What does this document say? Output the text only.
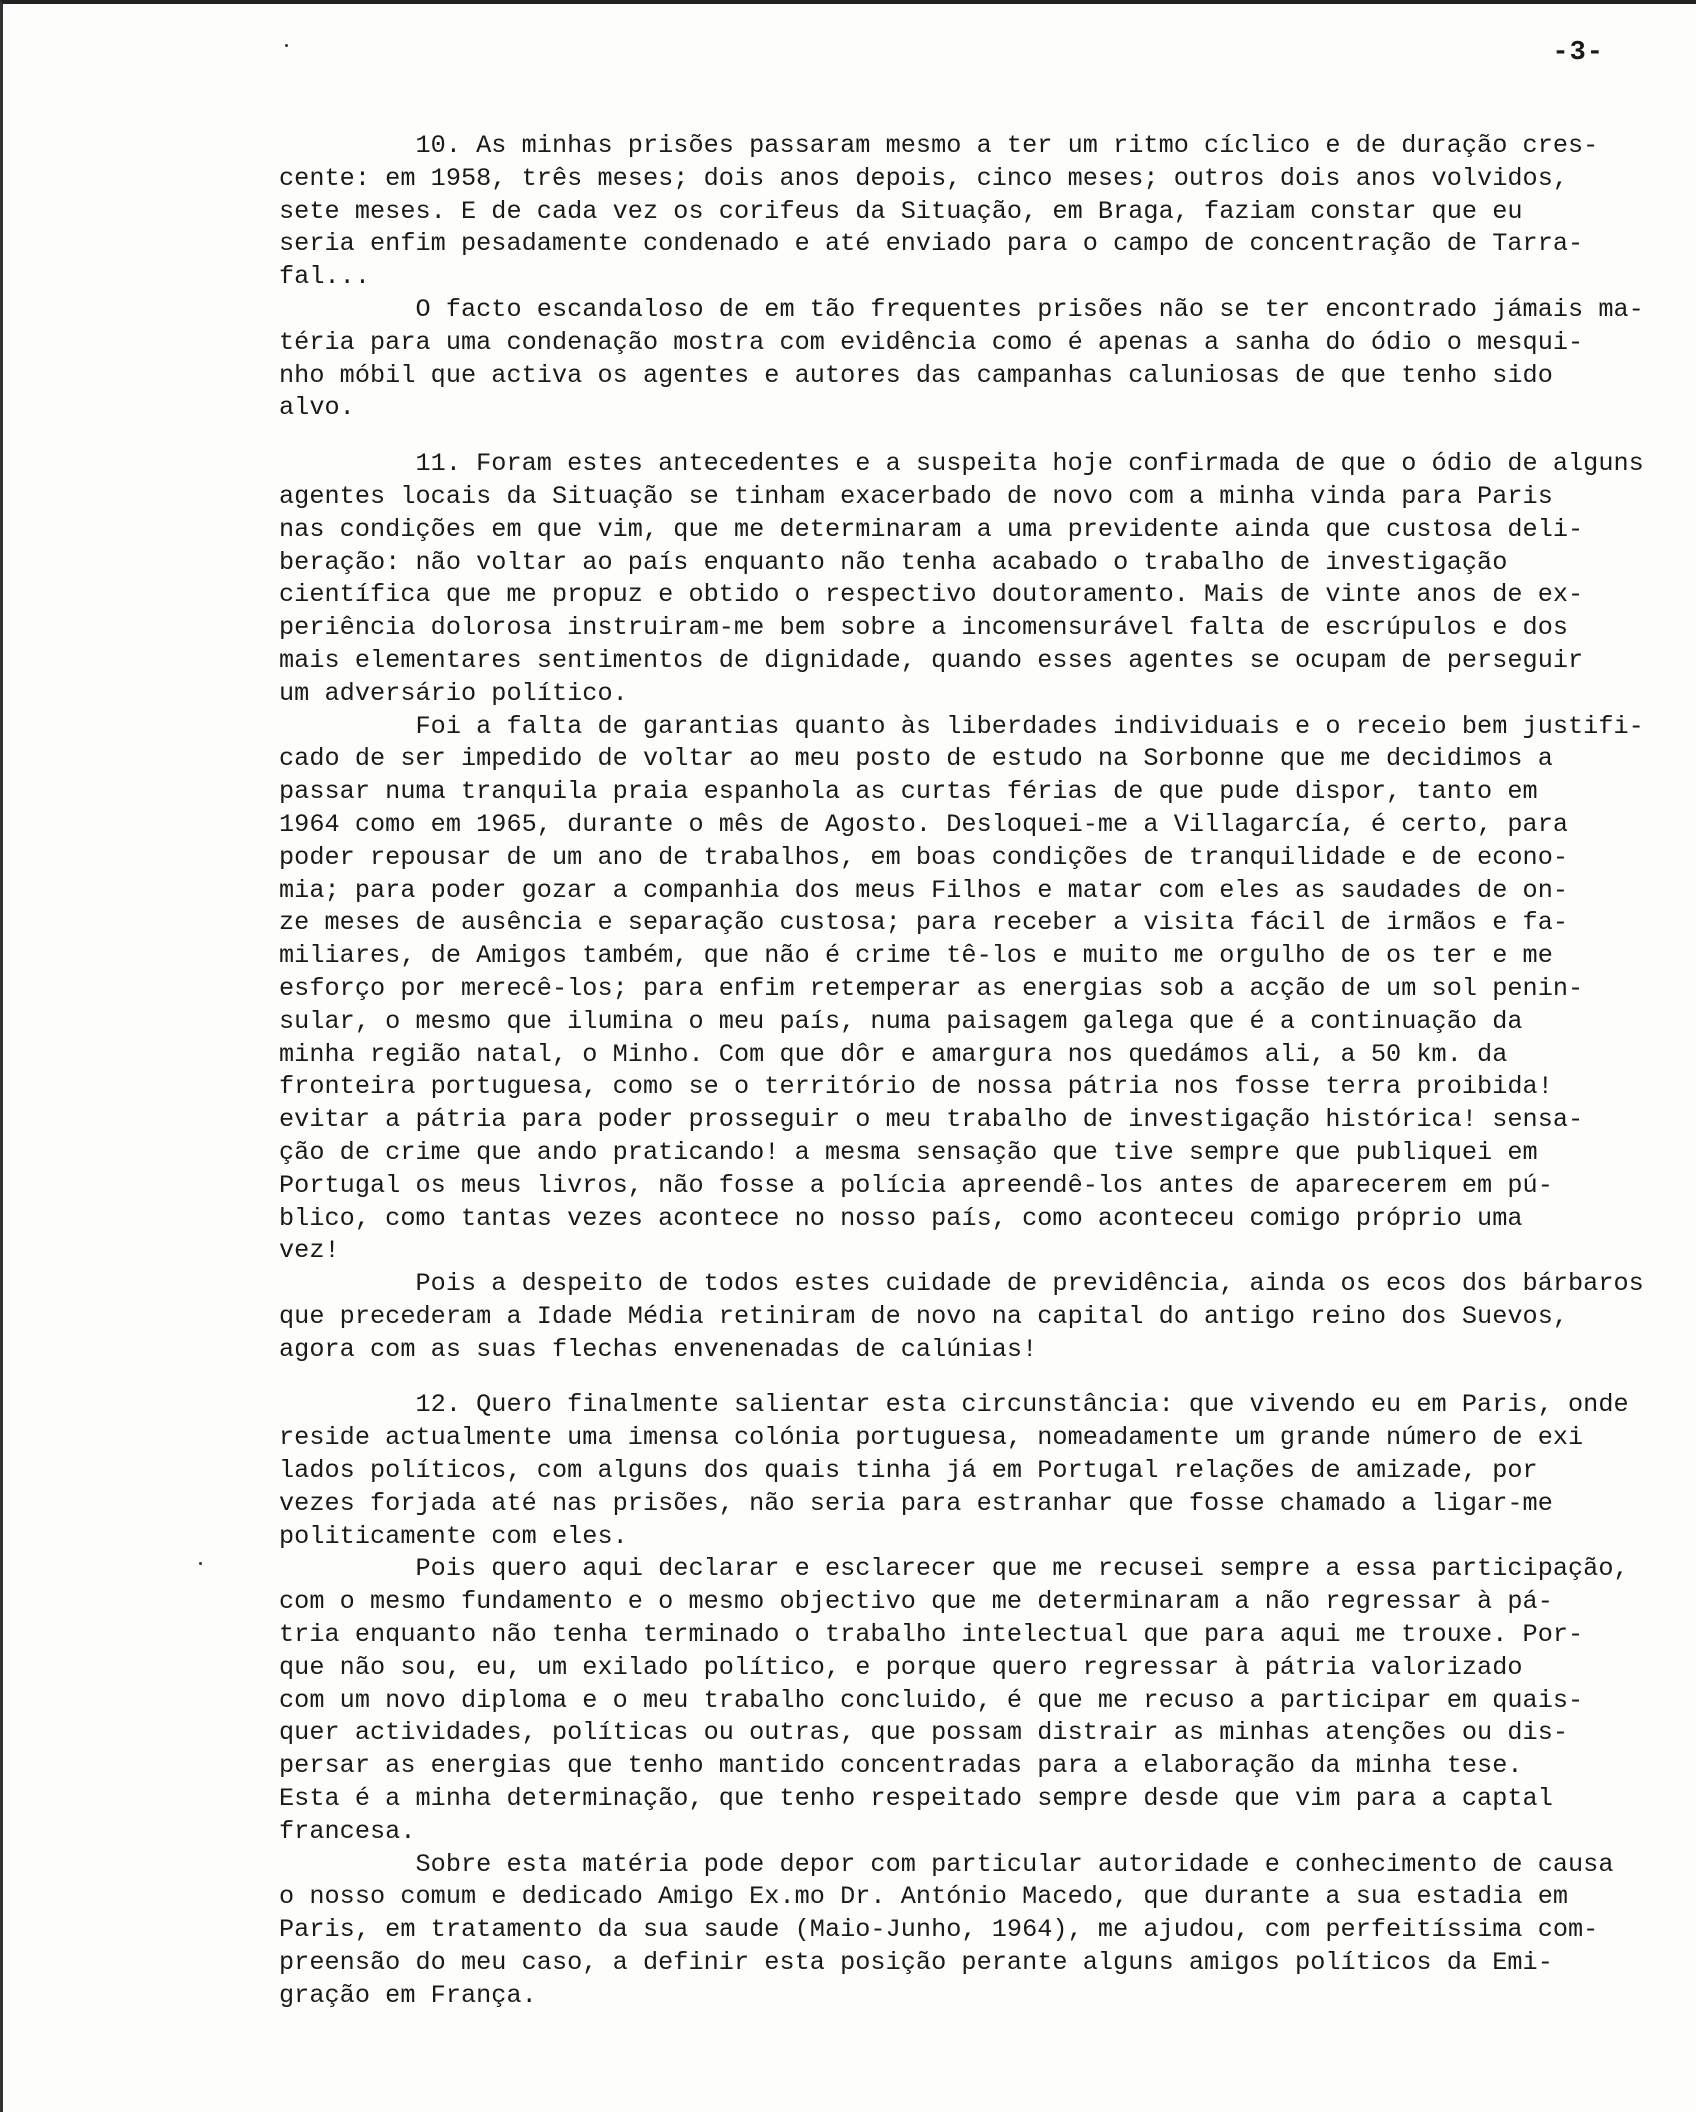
-3-
10. As minhas prisões passaram mesmo a ter um ritmo cíclico e de duração cres-
cente: em 1958, três meses; dois anos depois, cinco meses; outros dois anos volvidos,
sete meses. E de cada vez os corifeus da Situação, em Braga, faziam constar que eu
seria enfim pesadamente condenado e até enviado para o campo de concentração de Tarra-
fal...
O facto escandaloso de em tão frequentes prisões não se ter encontrado jámais ma-
téria para uma condenação mostra com evidência como é apenas a sanha do ódio o mesqui-
nho móbil que activa os agentes e autores das campanhas caluniosas de que tenho sido
alvo.
11. Foram estes antecedentes e a suspeita hoje confirmada de que o ódio de alguns
agentes locais da Situação se tinham exacerbado de novo com a minha vinda para Paris
nas condições em que vim, que me determinaram a uma previdente ainda que custosa deli-
beração: não voltar ao país enquanto não tenha acabado o trabalho de investigação
científica que me propuz e obtido o respectivo doutoramento. Mais de vinte anos de ex-
periência dolorosa instruiram-me bem sobre a incomensurável falta de escrúpulos e dos
mais elementares sentimentos de dignidade, quando esses agentes se ocupam de perseguir
um adversário político.
Foi a falta de garantias quanto às liberdades individuais e o receio bem justifi-
cado de ser impedido de voltar ao meu posto de estudo na Sorbonne que me decidimos a
passar numa tranquila praia espanhola as curtas férias de que pude dispor, tanto em
1964 como em 1965, durante o mês de Agosto. Desloquei-me a Villagarcía, é certo, para
poder repousar de um ano de trabalhos, em boas condições de tranquilidade e de econo-
mia; para poder gozar a companhia dos meus Filhos e matar com eles as saudades de on-
ze meses de ausência e separação custosa; para receber a visita fácil de irmãos e fa-
miliares, de Amigos também, que não é crime tê-los e muito me orgulho de os ter e me
esforço por merecê-los; para enfim retemperar as energias sob a acção de um sol penin-
sular, o mesmo que ilumina o meu país, numa paisagem galega que é a continuação da
minha região natal, o Minho. Com que dôr e amargura nos quedámos ali, a 50 km. da
fronteira portuguesa, como se o território de nossa pátria nos fosse terra proibida!
evitar a pátria para poder prosseguir o meu trabalho de investigação histórica! sensa-
ção de crime que ando praticando! a mesma sensação que tive sempre que publiquei em
Portugal os meus livros, não fosse a polícia apreendê-los antes de aparecerem em pú-
blico, como tantas vezes acontece no nosso país, como aconteceu comigo próprio uma
vez!
Pois a despeito de todos estes cuidade de previdência, ainda os ecos dos bárbaros
que precederam a Idade Média retiniram de novo na capital do antigo reino dos Suevos,
agora com as suas flechas envenenadas de calúnias!
12. Quero finalmente salientar esta circunstância: que vivendo eu em Paris, onde
reside actualmente uma imensa colónia portuguesa, nomeadamente um grande número de exi
lados políticos, com alguns dos quais tinha já em Portugal relações de amizade, por
vezes forjada até nas prisões, não seria para estranhar que fosse chamado a ligar-me
politicamente com eles.
Pois quero aqui declarar e esclarecer que me recusei sempre a essa participação,
com o mesmo fundamento e o mesmo objectivo que me determinaram a não regressar à pá-
tria enquanto não tenha terminado o trabalho intelectual que para aqui me trouxe. Por-
que não sou, eu, um exilado político, e porque quero regressar à pátria valorizado
com um novo diploma e o meu trabalho concluido, é que me recuso a participar em quais-
quer actividades, políticas ou outras, que possam distrair as minhas atenções ou dis-
persar as energias que tenho mantido concentradas para a elaboração da minha tese.
Esta é a minha determinação, que tenho respeitado sempre desde que vim para a captal
francesa.
Sobre esta matéria pode depor com particular autoridade e conhecimento de causa
o nosso comum e dedicado Amigo Ex.mo Dr. António Macedo, que durante a sua estadia em
Paris, em tratamento da sua saude (Maio-Junho, 1964), me ajudou, com perfeitíssima com-
preensão do meu caso, a definir esta posição perante alguns amigos políticos da Emi-
gração em França.
